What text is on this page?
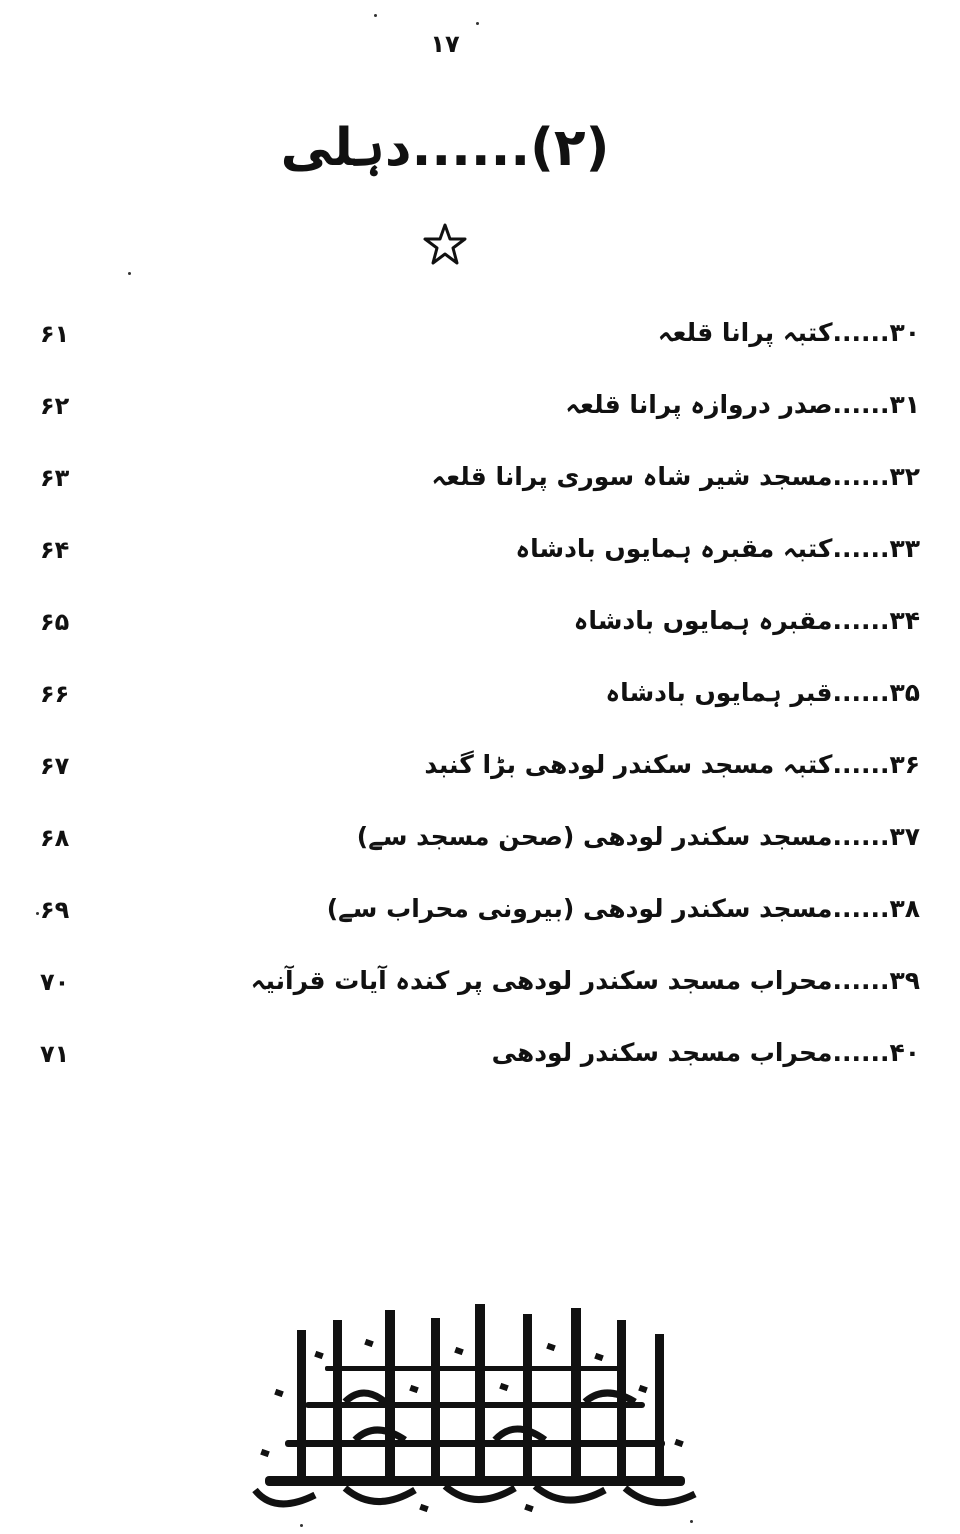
۱۷
(۲)......دہلی
۳۰......کتبہ پرانا قلعہ
۶۱
۳۱......صدر دروازہ پرانا قلعہ
۶۲
۳۲......مسجد شیر شاہ سوری پرانا قلعہ
۶۳
۳۳......کتبہ مقبرہ ہمایوں بادشاہ
۶۴
۳۴......مقبرہ ہمایوں بادشاہ
۶۵
۳۵......قبر ہمایوں بادشاہ
۶۶
۳۶......کتبہ مسجد سکندر لودھی بڑا گنبد
۶۷
۳۷......مسجد سکندر لودھی (صحن مسجد سے)
۶۸
۳۸......مسجد سکندر لودھی (بیرونی محراب سے)
۶۹
۳۹......محراب مسجد سکندر لودھی پر کندہ آیات قرآنیہ
۷۰
۴۰......محراب مسجد سکندر لودھی
۷۱
